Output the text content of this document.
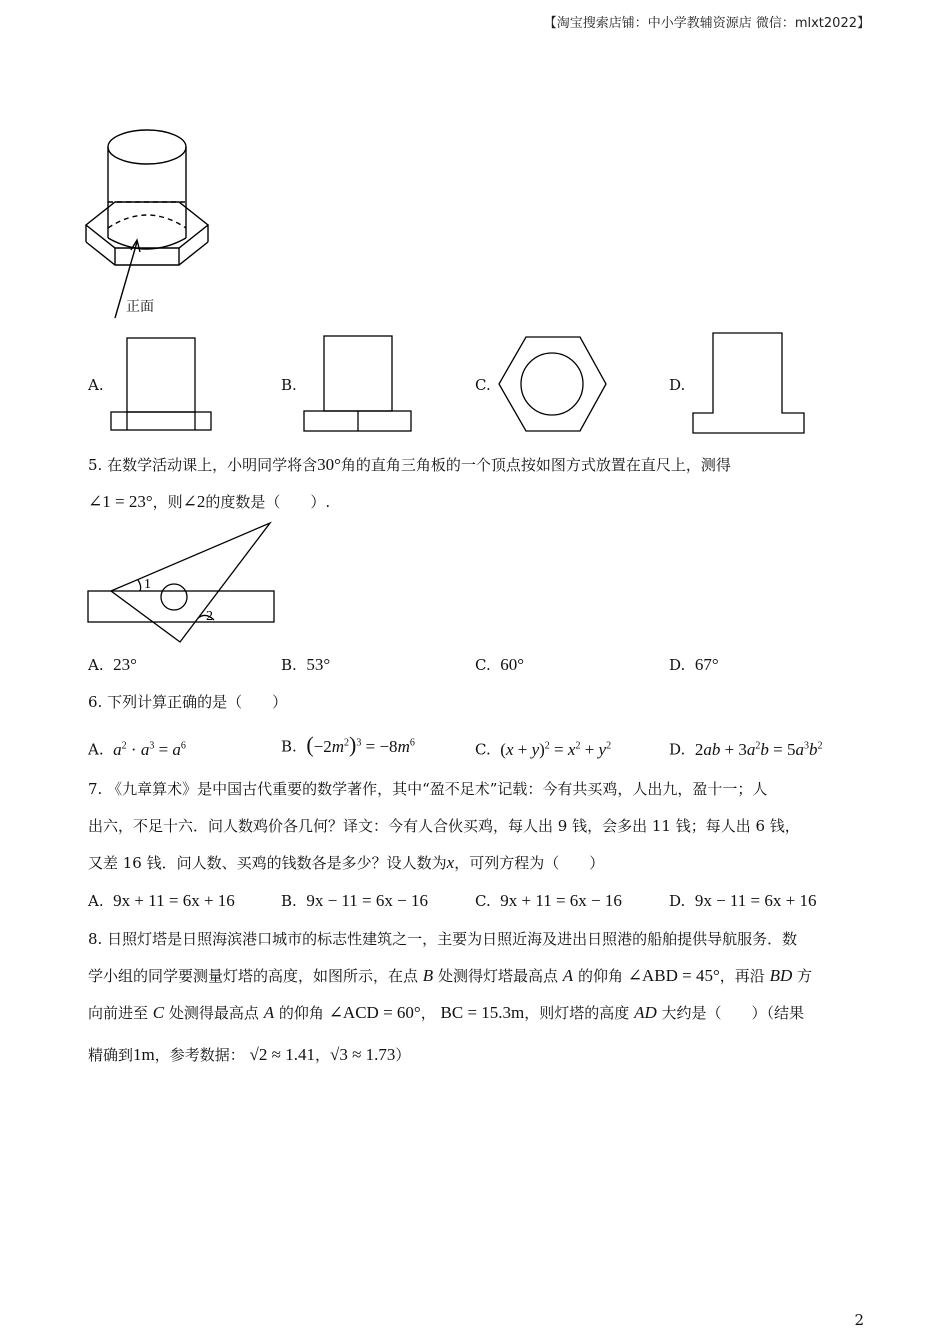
【淘宝搜索店铺：中小学教辅资源店 微信：mlxt2022】
正面
A.	B.	C.	D.
5. 在数学活动课上，小明同学将含30°角的直角三角板的一个顶点按如图方式放置在直尺上，测得
∠1 = 23°，则∠2的度数是（　　）.
1
2
A. 23°	B. 53°	C. 60°	D. 67°
6. 下列计算正确的是（　　）
A. $a^2 \cdot a^3 = a^6$	B. $(-2m^2)^3 = -8m^6$	C. $(x + y)^2 = x^2 + y^2$	D. $2ab + 3a^2b = 5a^3b^2$
7. 《九章算术》是中国古代重要的数学著作，其中“盈不足术”记载：今有共买鸡，人出九，盈十一；人
出六，不足十六．问人数鸡价各几何？译文：今有人合伙买鸡，每人出 9 钱，会多出 11 钱；每人出 6 钱，
又差 16 钱．问人数、买鸡的钱数各是多少？设人数为x，可列方程为（　　）
A. 9x + 11 = 6x + 16	B. 9x − 11 = 6x − 16	C. 9x + 11 = 6x − 16	D. 9x − 11 = 6x + 16
8. 日照灯塔是日照海滨港口城市的标志性建筑之一，主要为日照近海及进出日照港的船舶提供导航服务．数
学小组的同学要测量灯塔的高度，如图所示，在点 B 处测得灯塔最高点 A 的仰角 ∠ABD = 45°，再沿 BD 方
向前进至 C 处测得最高点 A 的仰角 ∠ACD = 60°， BC = 15.3m，则灯塔的高度 AD 大约是（　　）（结果
精确到1m，参考数据： √2 ≈ 1.41，√3 ≈ 1.73）
2
